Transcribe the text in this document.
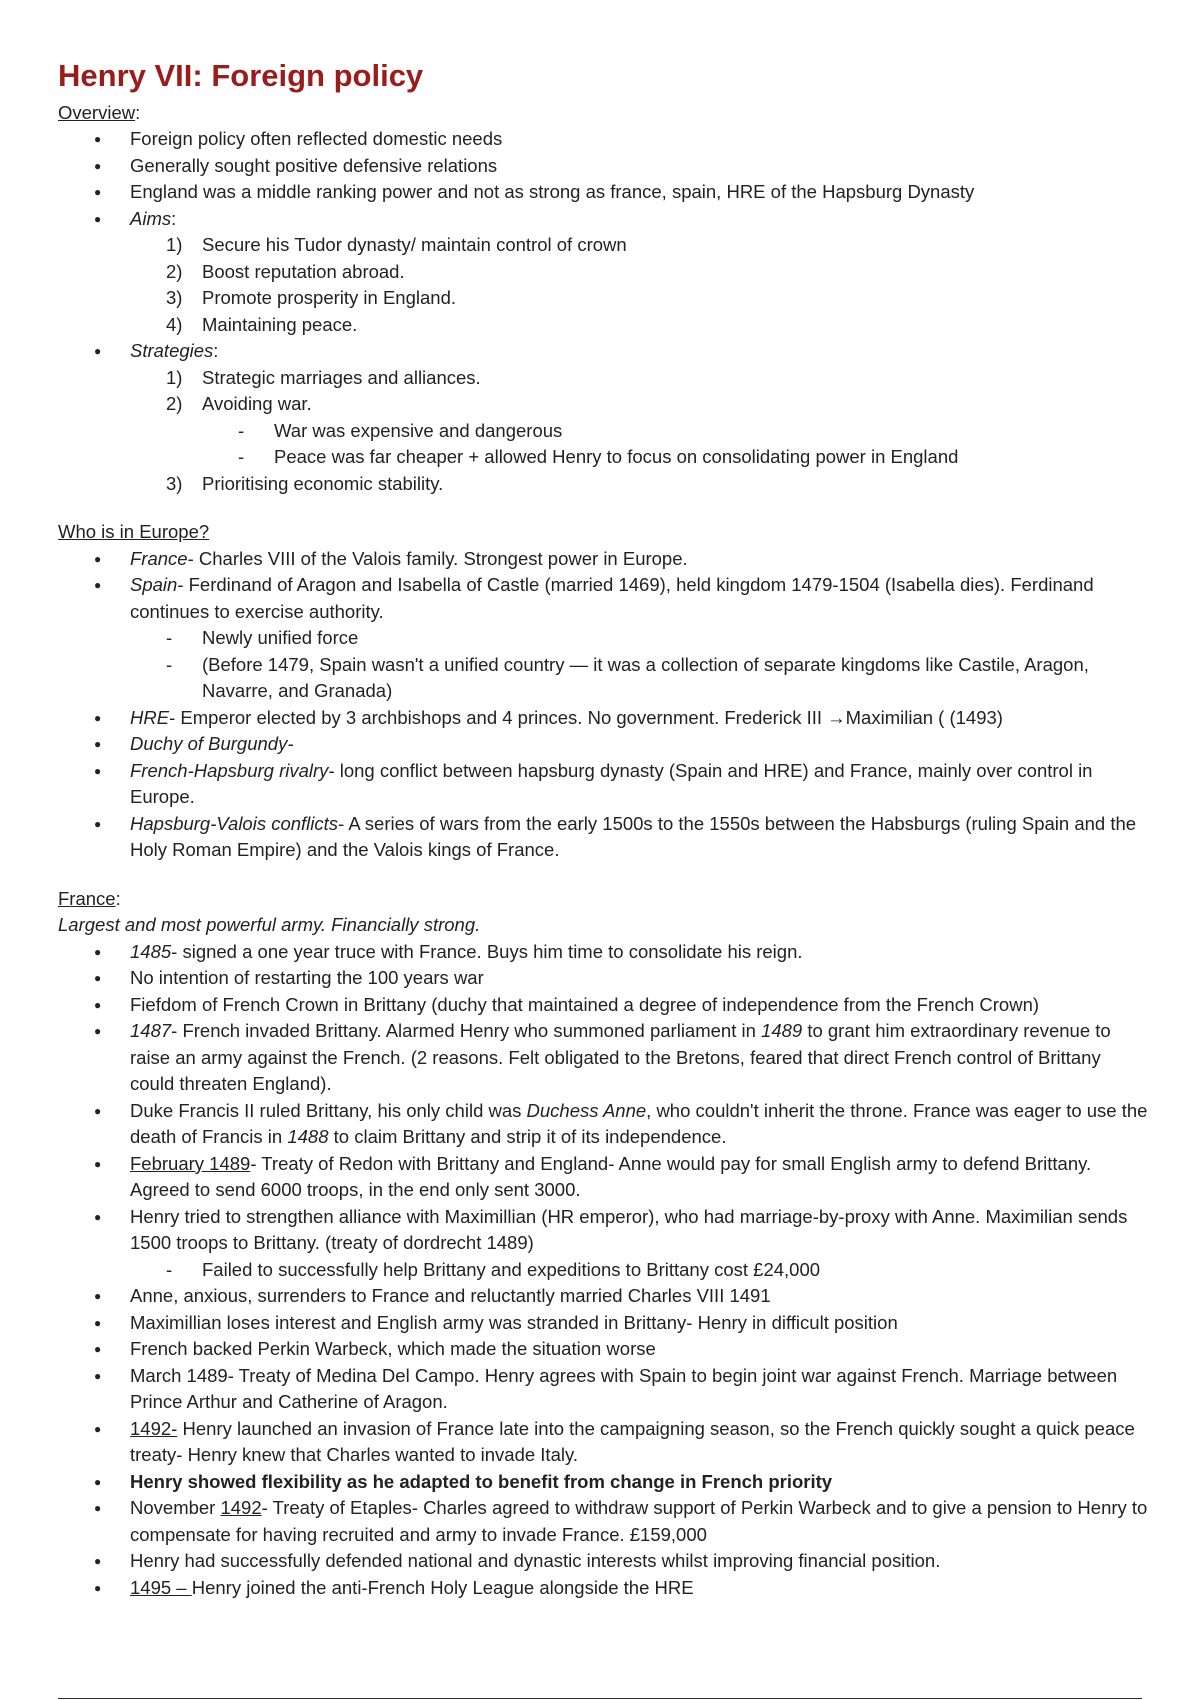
Henry VII: Foreign policy

Overview:

● Foreign policy often reflected domestic needs
● Generally sought positive defensive relations
● England was a middle ranking power and not as strong as france, spain, HRE of the Hapsburg Dynasty
● Aims:
1) Secure his Tudor dynasty/ maintain control of crown
2) Boost reputation abroad.
3) Promote prosperity in England.
4) Maintaining peace.
● Strategies:
1) Strategic marriages and alliances.
2) Avoiding war.
- War was expensive and dangerous
- Peace was far cheaper + allowed Henry to focus on consolidating power in England
3) Prioritising economic stability.

Who is in Europe?

● France- Charles VIII of the Valois family. Strongest power in Europe.
● Spain- Ferdinand of Aragon and Isabella of Castle (married 1469), held kingdom 1479-1504 (Isabella dies). Ferdinand continues to exercise authority.
- Newly unified force
- (Before 1479, Spain wasn't a unified country — it was a collection of separate kingdoms like Castile, Aragon, Navarre, and Granada)
● HRE- Emperor elected by 3 archbishops and 4 princes. No government. Frederick III →Maximilian ( (1493)
● Duchy of Burgundy-
● French-Hapsburg rivalry- long conflict between hapsburg dynasty (Spain and HRE) and France, mainly over control in Europe.
● Hapsburg-Valois conflicts- A series of wars from the early 1500s to the 1550s between the Habsburgs (ruling Spain and the Holy Roman Empire) and the Valois kings of France.

France:

Largest and most powerful army. Financially strong.

● 1485- signed a one year truce with France. Buys him time to consolidate his reign.
● No intention of restarting the 100 years war
● Fiefdom of French Crown in Brittany (duchy that maintained a degree of independence from the French Crown)
● 1487- French invaded Brittany. Alarmed Henry who summoned parliament in 1489 to grant him extraordinary revenue to raise an army against the French. (2 reasons. Felt obligated to the Bretons, feared that direct French control of Brittany could threaten England).
● Duke Francis II ruled Brittany, his only child was Duchess Anne, who couldn't inherit the throne. France was eager to use the death of Francis in 1488 to claim Brittany and strip it of its independence.
● February 1489- Treaty of Redon with Brittany and England- Anne would pay for small English army to defend Brittany. Agreed to send 6000 troops, in the end only sent 3000.
● Henry tried to strengthen alliance with Maximillian (HR emperor), who had marriage-by-proxy with Anne. Maximilian sends 1500 troops to Brittany. (treaty of dordrecht 1489)
- Failed to successfully help Brittany and expeditions to Brittany cost £24,000
● Anne, anxious, surrenders to France and reluctantly married Charles VIII 1491
● Maximillian loses interest and English army was stranded in Brittany- Henry in difficult position
● French backed Perkin Warbeck, which made the situation worse
● March 1489- Treaty of Medina Del Campo. Henry agrees with Spain to begin joint war against French. Marriage between Prince Arthur and Catherine of Aragon.
● 1492- Henry launched an invasion of France late into the campaigning season, so the French quickly sought a quick peace treaty- Henry knew that Charles wanted to invade Italy.
● Henry showed flexibility as he adapted to benefit from change in French priority
● November 1492- Treaty of Etaples- Charles agreed to withdraw support of Perkin Warbeck and to give a pension to Henry to compensate for having recruited and army to invade France. £159,000
● Henry had successfully defended national and dynastic interests whilst improving financial position.
● 1495 – Henry joined the anti-French Holy League alongside the HRE
